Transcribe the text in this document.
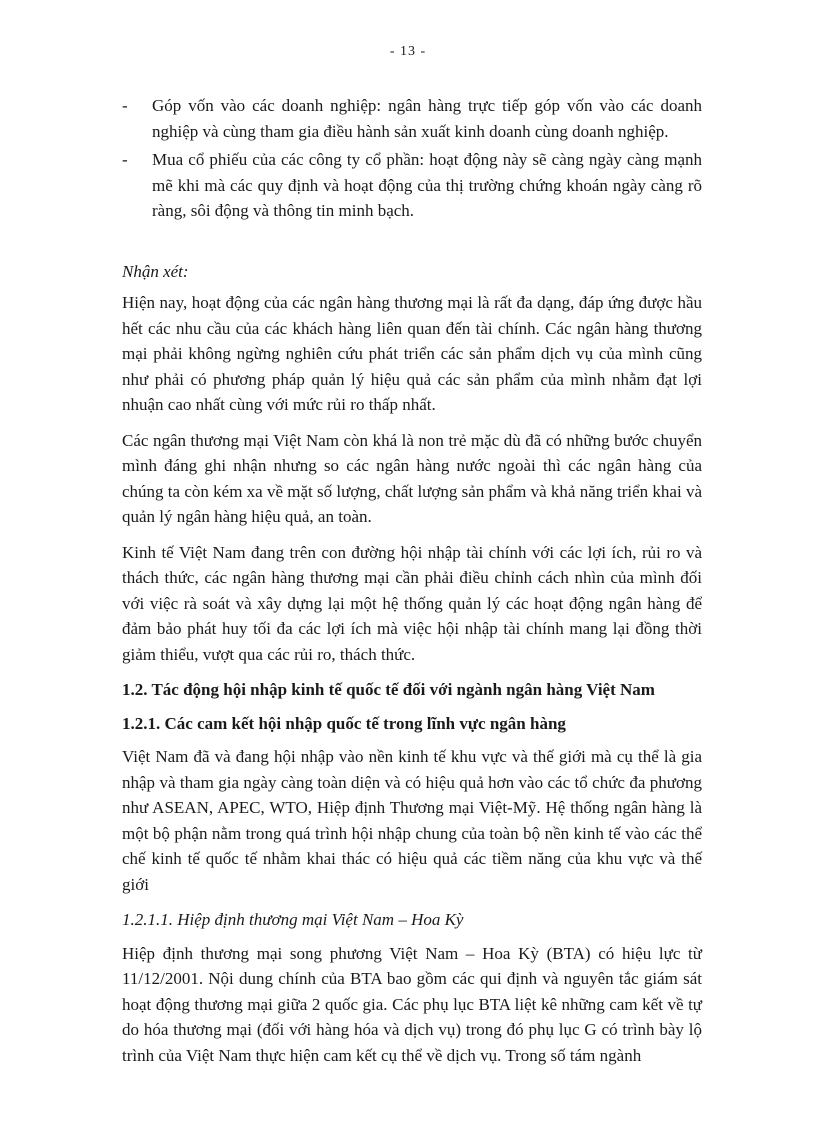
- 13 -
- Góp vốn vào các doanh nghiệp: ngân hàng trực tiếp góp vốn vào các doanh nghiệp và cùng tham gia điều hành sản xuất kinh doanh cùng doanh nghiệp.

- Mua cổ phiếu của các công ty cổ phần: hoạt động này sẽ càng ngày càng mạnh mẽ khi mà các quy định và hoạt động của thị trường chứng khoán ngày càng rõ ràng, sôi động và thông tin minh bạch.

Nhận xét:

Hiện nay, hoạt động của các ngân hàng thương mại là rất đa dạng, đáp ứng được hầu hết các nhu cầu của các khách hàng liên quan đến tài chính. Các ngân hàng thương mại phải không ngừng nghiên cứu phát triển các sản phẩm dịch vụ của mình cũng như phải có phương pháp quản lý hiệu quả các sản phẩm của mình nhằm đạt lợi nhuận cao nhất cùng với mức rủi ro thấp nhất.

Các ngân thương mại Việt Nam còn khá là non trẻ mặc dù đã có những bước chuyển mình đáng ghi nhận nhưng so các ngân hàng nước ngoài thì các ngân hàng của chúng ta còn kém xa về mặt số lượng, chất lượng sản phẩm và khả năng triển khai và quản lý ngân hàng hiệu quả, an toàn.

Kinh tế Việt Nam đang trên con đường hội nhập tài chính với các lợi ích, rủi ro và thách thức, các ngân hàng thương mại cần phải điều chỉnh cách nhìn của mình đối với việc rà soát và xây dựng lại một hệ thống quản lý các hoạt động ngân hàng để đảm bảo phát huy tối đa các lợi ích mà việc hội nhập tài chính mang lại đồng thời giảm thiểu, vượt qua các rủi ro, thách thức.

1.2. Tác động hội nhập kinh tế quốc tế đối với ngành ngân hàng Việt Nam

1.2.1. Các cam kết hội nhập quốc tế trong lĩnh vực ngân hàng

Việt Nam đã và đang hội nhập vào nền kinh tế khu vực và thế giới mà cụ thể là gia nhập và tham gia ngày càng toàn diện và có hiệu quả hơn vào các tổ chức đa phương như ASEAN, APEC, WTO, Hiệp định Thương mại Việt-Mỹ. Hệ thống ngân hàng là một bộ phận nằm trong quá trình hội nhập chung của toàn bộ nền kinh tế vào các thể chế kinh tế quốc tế nhằm khai thác có hiệu quả các tiềm năng của khu vực và thế giới

1.2.1.1. Hiệp định thương mại Việt Nam – Hoa Kỳ

Hiệp định thương mại song phương Việt Nam – Hoa Kỳ (BTA) có hiệu lực từ 11/12/2001. Nội dung chính của BTA bao gồm các qui định và nguyên tắc giám sát hoạt động thương mại giữa 2 quốc gia. Các phụ lục BTA liệt kê những cam kết về tự do hóa thương mại (đối với hàng hóa và dịch vụ) trong đó phụ lục G có trình bày lộ trình của Việt Nam thực hiện cam kết cụ thể về dịch vụ. Trong số tám ngành
